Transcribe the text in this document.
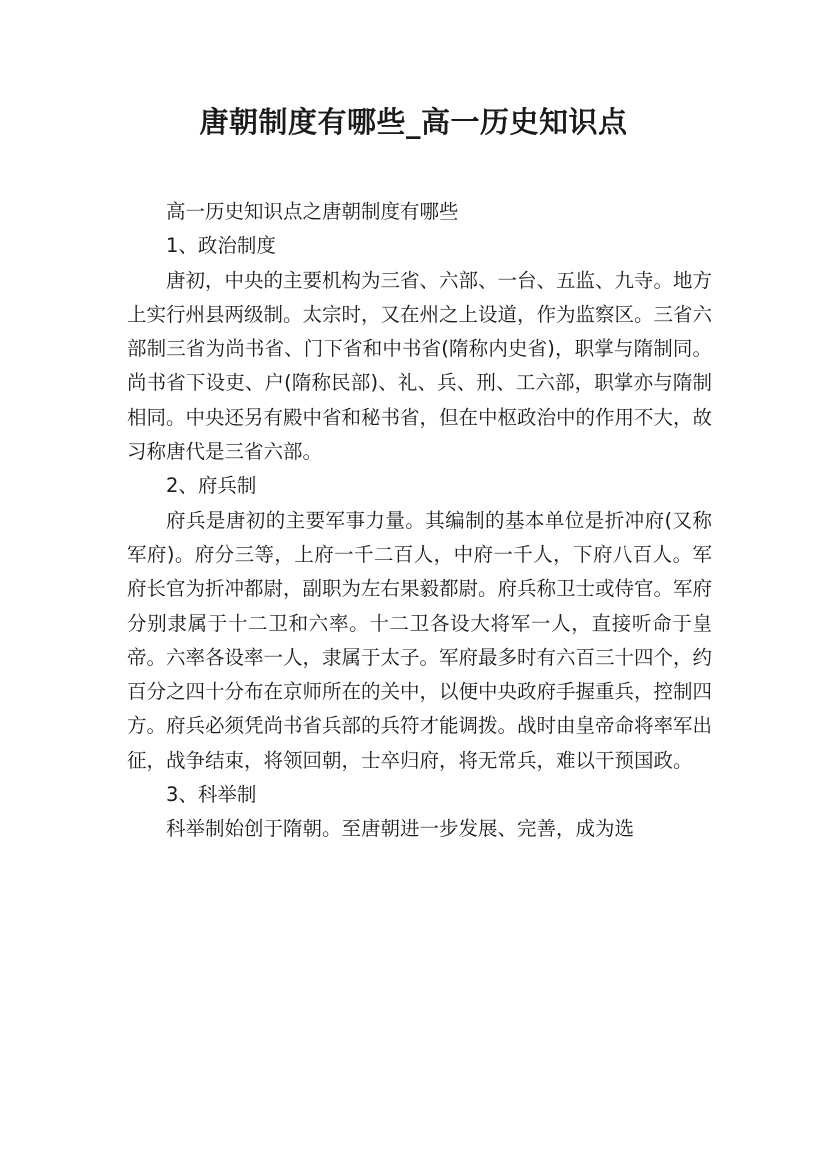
唐朝制度有哪些_高一历史知识点

高一历史知识点之唐朝制度有哪些

1、政治制度

唐初，中央的主要机构为三省、六部、一台、五监、九寺。地方上实行州县两级制。太宗时，又在州之上设道，作为监察区。三省六部制三省为尚书省、门下省和中书省(隋称内史省)，职掌与隋制同。尚书省下设吏、户(隋称民部)、礼、兵、刑、工六部，职掌亦与隋制相同。中央还另有殿中省和秘书省，但在中枢政治中的作用不大，故习称唐代是三省六部。

2、府兵制

府兵是唐初的主要军事力量。其编制的基本单位是折冲府(又称军府)。府分三等，上府一千二百人，中府一千人，下府八百人。军府长官为折冲都尉，副职为左右果毅都尉。府兵称卫士或侍官。军府分别隶属于十二卫和六率。十二卫各设大将军一人，直接听命于皇帝。六率各设率一人，隶属于太子。军府最多时有六百三十四个，约百分之四十分布在京师所在的关中，以便中央政府手握重兵，控制四方。府兵必须凭尚书省兵部的兵符才能调拨。战时由皇帝命将率军出征，战争结束，将领回朝，士卒归府，将无常兵，难以干预国政。

3、科举制

科举制始创于隋朝。至唐朝进一步发展、完善，成为选
